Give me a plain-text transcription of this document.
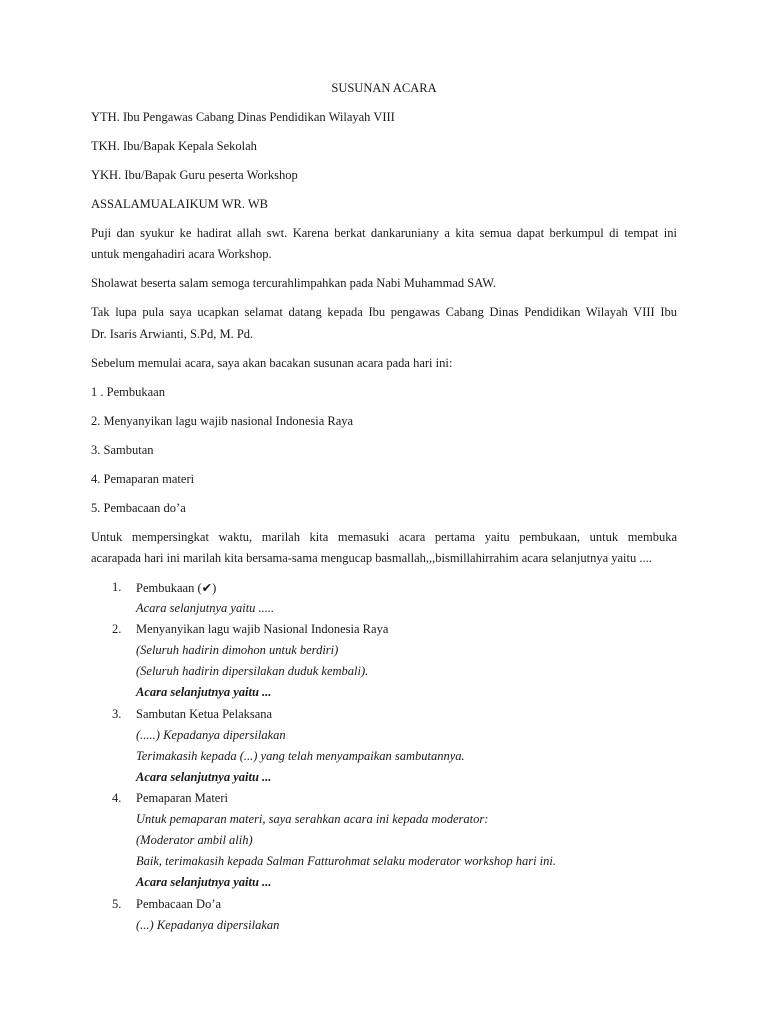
SUSUNAN ACARA
YTH. Ibu Pengawas Cabang Dinas Pendidikan Wilayah VIII
TKH. Ibu/Bapak Kepala Sekolah
YKH. Ibu/Bapak Guru peserta Workshop
ASSALAMUALAIKUM WR. WB
Puji dan syukur ke hadirat allah swt. Karena berkat dankaruniany a kita semua dapat berkumpul di tempat ini
untuk mengahadiri acara Workshop.
Sholawat beserta salam semoga tercurahlimpahkan pada Nabi Muhammad SAW.
Tak lupa pula saya ucapkan selamat datang kepada Ibu pengawas Cabang Dinas Pendidikan Wilayah VIII Ibu
Dr. Isaris Arwianti, S.Pd, M. Pd.
Sebelum memulai acara, saya akan bacakan susunan acara pada hari ini:
1 . Pembukaan
2. Menyanyikan lagu wajib nasional Indonesia Raya
3. Sambutan
4. Pemaparan materi
5. Pembacaan do’a
Untuk mempersingkat waktu, marilah kita memasuki acara pertama yaitu pembukaan, untuk membuka
acarapada hari ini marilah kita bersama-sama mengucap basmallah,,,bismillahirrahim acara selanjutnya yaitu ....
1. Pembukaan (✔)
Acara selanjutnya yaitu .....
2. Menyanyikan lagu wajib Nasional Indonesia Raya
(Seluruh hadirin dimohon untuk berdiri)
(Seluruh hadirin dipersilakan duduk kembali).
Acara selanjutnya yaitu ...
3. Sambutan Ketua Pelaksana
(.....) Kepadanya dipersilakan
Terimakasih kepada (...) yang telah menyampaikan sambutannya.
Acara selanjutnya yaitu ...
4. Pemaparan Materi
Untuk pemaparan materi, saya serahkan acara ini kepada moderator:
(Moderator ambil alih)
Baik, terimakasih kepada Salman Fatturohmat selaku moderator workshop hari ini.
Acara selanjutnya yaitu ...
5. Pembacaan Do’a
(...) Kepadanya dipersilakan
